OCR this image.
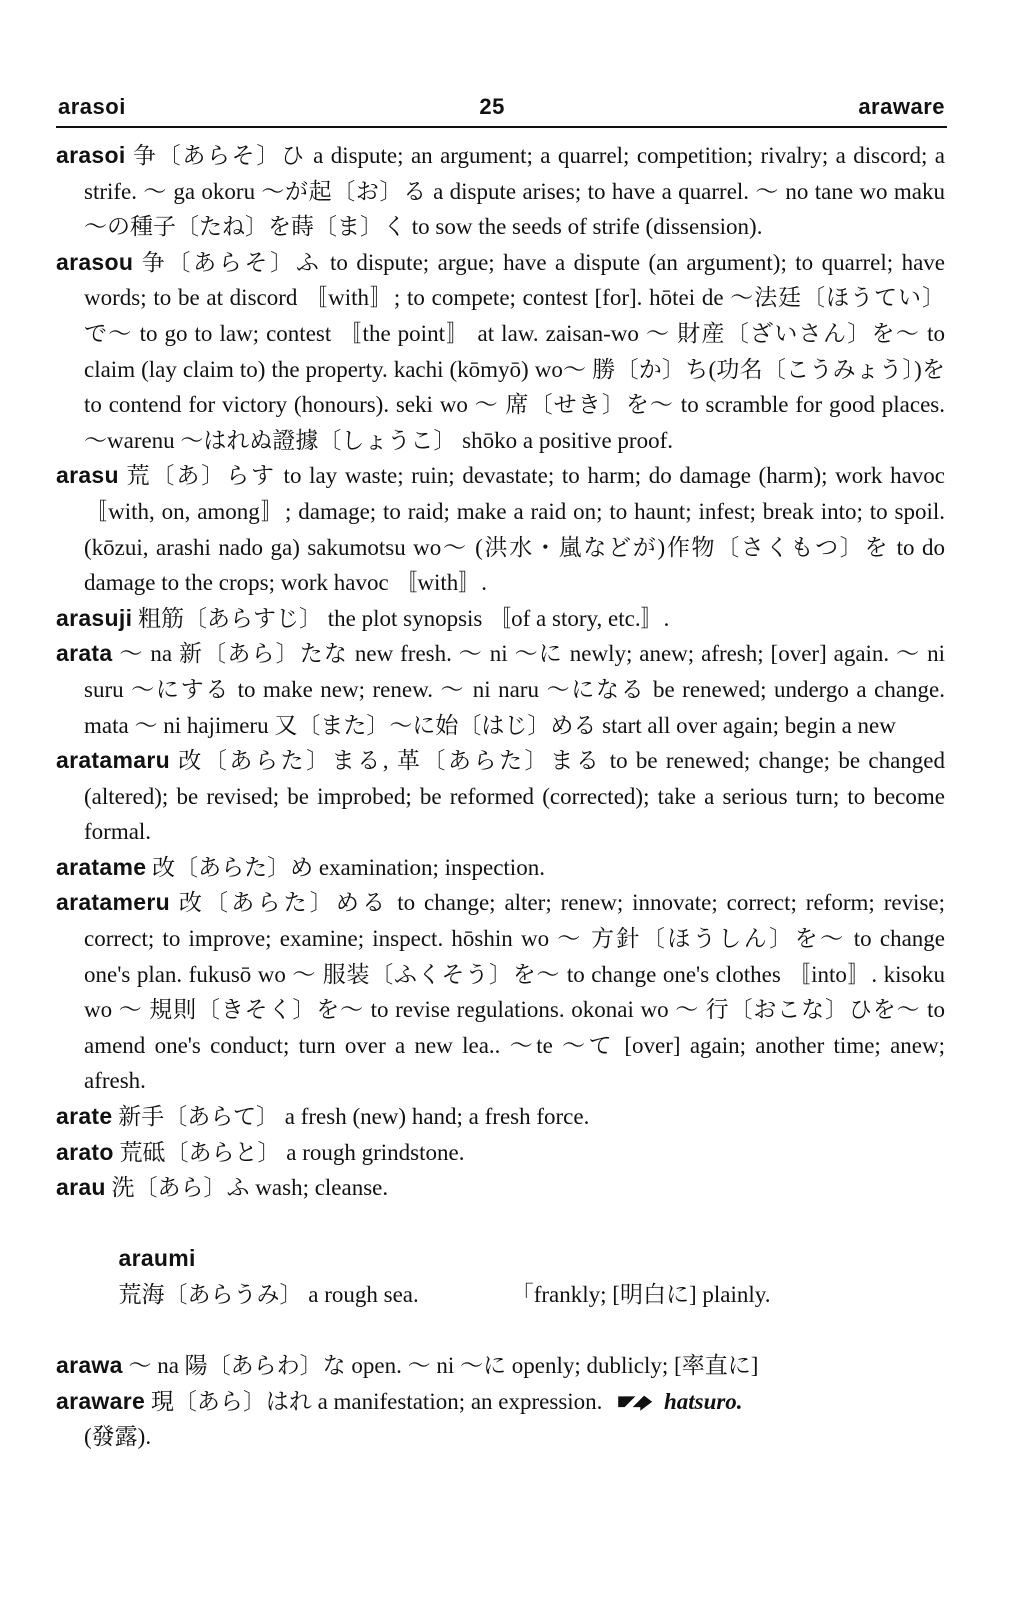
arasoi	25	araware
arasoi 争〔あらそ〕ひ a dispute; an argument; a quarrel; competition; rivalry; a discord; a strife. ～ ga okoru ～が起〔お〕る a dispute arises; to have a quarrel. ～ no tane wo maku ～の種子〔たね〕を蒔〔ま〕く to sow the seeds of strife (dissension).
arasou 争〔あらそ〕ふ to dispute; argue; have a dispute (an argument); to quarrel; have words; to be at discord 〚with〛; to compete; contest [for]. hōtei de ～法廷〔ほうてい〕で～ to go to law; contest 〚the point〛 at law. zaisan-wo ～ 財産〔ざいさん〕を～ to claim (lay claim to) the property. kachi (kōmyō) wo～ 勝〔か〕ち(功名〔こうみょう〕)を to contend for victory (honours). seki wo ～ 席〔せき〕を～ to scramble for good places. ～warenu ～はれぬ證據〔しょうこ〕 shōko a positive proof.
arasu 荒〔あ〕らす to lay waste; ruin; devastate; to harm; do damage (harm); work havoc 〚with, on, among〛; damage; to raid; make a raid on; to haunt; infest; break into; to spoil. (kōzui, arashi nado ga) sakumotsu wo～ (洪水・嵐などが)作物〔さくもつ〕を to do damage to the crops; work havoc 〚with〛.
arasuji 粗筋〔あらすじ〕 the plot synopsis 〚of a story, etc.〛.
arata ～ na 新〔あら〕たな new fresh. ～ ni ～に newly; anew; afresh; [over] again. ～ ni suru ～にする to make new; renew. ～ ni naru ～になる be renewed; undergo a change. mata ～ ni hajimeru 又〔また〕～に始〔はじ〕める start all over again; begin a new
aratamaru 改〔あらた〕まる, 革〔あらた〕まる to be renewed; change; be changed (altered); be revised; be improbed; be reformed (corrected); take a serious turn; to become formal.
aratame 改〔あらた〕め examination; inspection.
aratameru 改〔あらた〕める to change; alter; renew; innovate; correct; reform; revise; correct; to improve; examine; inspect. hōshin wo ～ 方針〔ほうしん〕を～ to change one's plan. fukusō wo ～ 服装〔ふくそう〕を～ to change one's clothes 〚into〛. kisoku wo ～ 規則〔きそく〕を～ to revise regulations. okonai wo ～ 行〔おこな〕ひを～ to amend one's conduct; turn over a new lea.. ～te ～て [over] again; another time; anew; afresh.
arate 新手〔あらて〕 a fresh (new) hand; a fresh force.
arato 荒砥〔あらと〕 a rough grindstone.
arau 洗〔あら〕ふ wash; cleanse.

araumi
荒海〔あらうみ〕 a rough sea.                「frankly; [明白に] plainly.

arawa ～ na 陽〔あらわ〕な open. ～ ni ～に openly; dublicly; [率直に]
araware 現〔あら〕はれ a manifestation; an expression.	hatsuro.
(發露).
